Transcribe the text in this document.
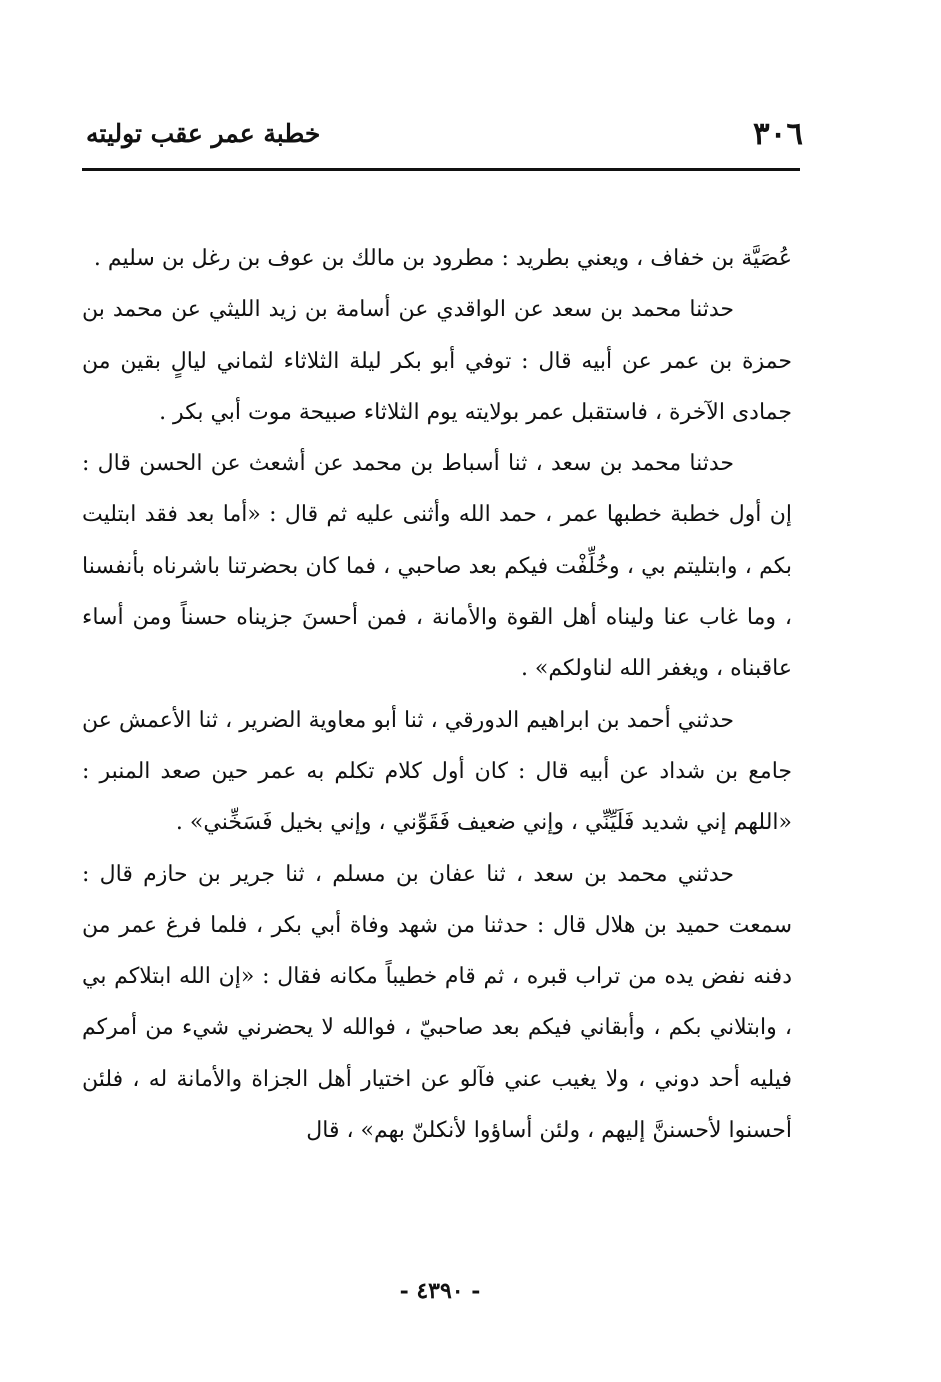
٣٠٦
خطبة عمر عقب توليته

عُصَيَّة بن خفاف ، ويعني بطريد : مطرود بن مالك بن عوف بن رغل بن سليم .

حدثنا محمد بن سعد عن الواقدي عن أسامة بن زيد الليثي عن محمد بن حمزة بن عمر عن أبيه قال : توفي أبو بكر ليلة الثلاثاء لثماني ليالٍ بقين من جمادى الآخرة ، فاستقبل عمر بولايته يوم الثلاثاء صبيحة موت أبي بكر .

حدثنا محمد بن سعد ، ثنا أسباط بن محمد عن أشعث عن الحسن قال : إن أول خطبة خطبها عمر ، حمد الله وأثنى عليه ثم قال : «أما بعد فقد ابتليت بكم ، وابتليتم بي ، وخُلِّفْت فيكم بعد صاحبي ، فما كان بحضرتنا باشرناه بأنفسنا ، وما غاب عنا وليناه أهل القوة والأمانة ، فمن أحسنَ جزيناه حسناً ومن أساء عاقبناه ، ويغفر الله لناولكم» .

حدثني أحمد بن ابراهيم الدورقي ، ثنا أبو معاوية الضرير ، ثنا الأعمش عن جامع بن شداد عن أبيه قال : كان أول كلام تكلم به عمر حين صعد المنبر : «اللهم إني شديد فَلَيِّنِّي ، وإني ضعيف فَقَوِّني ، وإني بخيل فَسَخِّني» .

حدثني محمد بن سعد ، ثنا عفان بن مسلم ، ثنا جرير بن حازم قال : سمعت حميد بن هلال قال : حدثنا من شهد وفاة أبي بكر ، فلما فرغ عمر من دفنه نفض يده من تراب قبره ، ثم قام خطيباً مكانه فقال : «إن الله ابتلاكم بي ، وابتلاني بكم ، وأبقاني فيكم بعد صاحبيّ ، فوالله لا يحضرني شيء من أمركم فيليه أحد دوني ، ولا يغيب عني فآلو عن اختيار أهل الجزاة والأمانة له ، فلئن أحسنوا لأحسننَّ إليهم ، ولئن أساؤوا لأنكلنّ بهم» ، قال

- ٤٣٩٠ -
